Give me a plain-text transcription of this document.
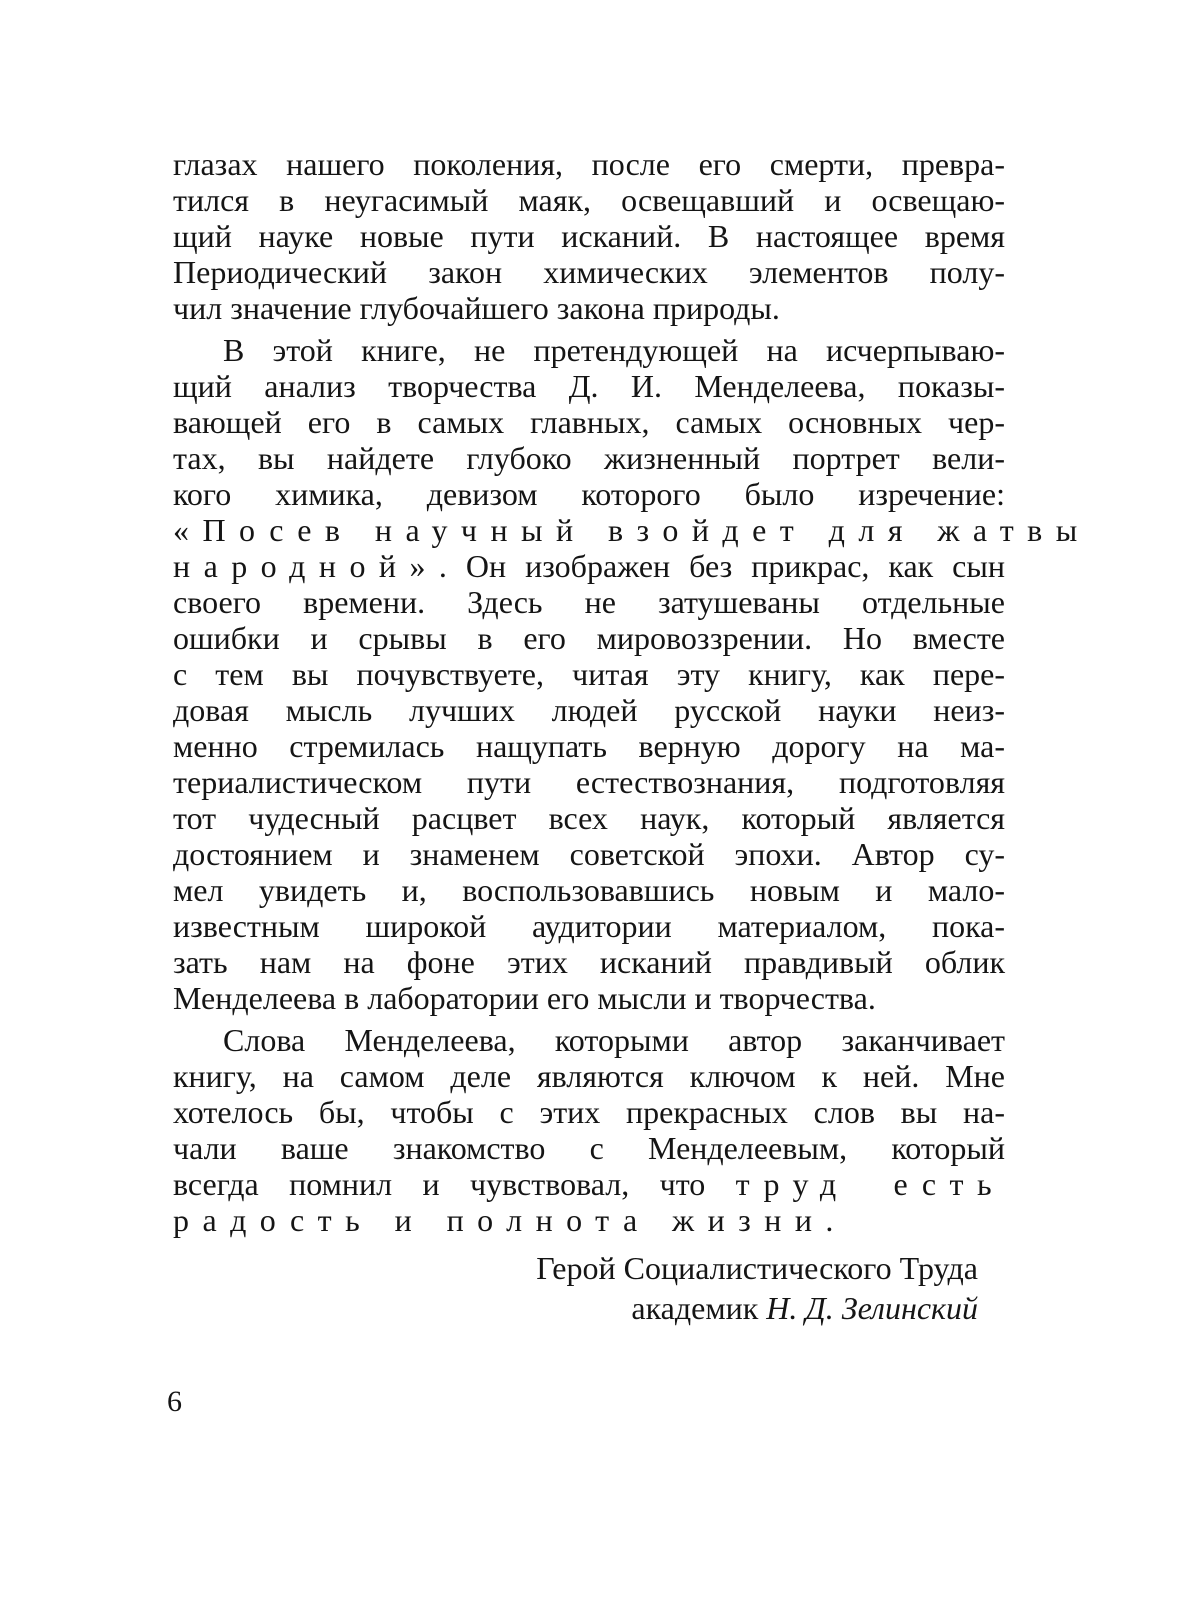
глазах нашего поколения, после его смерти, превра-
тился в неугасимый маяк, освещавший и освещаю-
щий науке новые пути исканий. В настоящее время
Периодический закон химических элементов полу-
чил значение глубочайшего закона природы.
В этой книге, не претендующей на исчерпываю-
щий анализ творчества Д. И. Менделеева, показы-
вающей его в самых главных, самых основных чер-
тах, вы найдете глубоко жизненный портрет вели-
кого химика, девизом которого было изречение:
«Посев научный взойдет для жатвы
народной». Он изображен без прикрас, как сын
своего времени. Здесь не затушеваны отдельные
ошибки и срывы в его мировоззрении. Но вместе
с тем вы почувствуете, читая эту книгу, как пере-
довая мысль лучших людей русской науки неиз-
менно стремилась нащупать верную дорогу на ма-
териалистическом пути естествознания, подготовляя
тот чудесный расцвет всех наук, который является
достоянием и знаменем советской эпохи. Автор су-
мел увидеть и, воспользовавшись новым и мало-
известным широкой аудитории материалом, пока-
зать нам на фоне этих исканий правдивый облик
Менделеева в лаборатории его мысли и творчества.
Слова Менделеева, которыми автор заканчивает
книгу, на самом деле являются ключом к ней. Мне
хотелось бы, чтобы с этих прекрасных слов вы на-
чали ваше знакомство с Менделеевым, который
всегда помнил и чувствовал, что труд есть
радость и полнота жизни.
Герой Социалистического Труда
академик Н. Д. Зелинский
6
